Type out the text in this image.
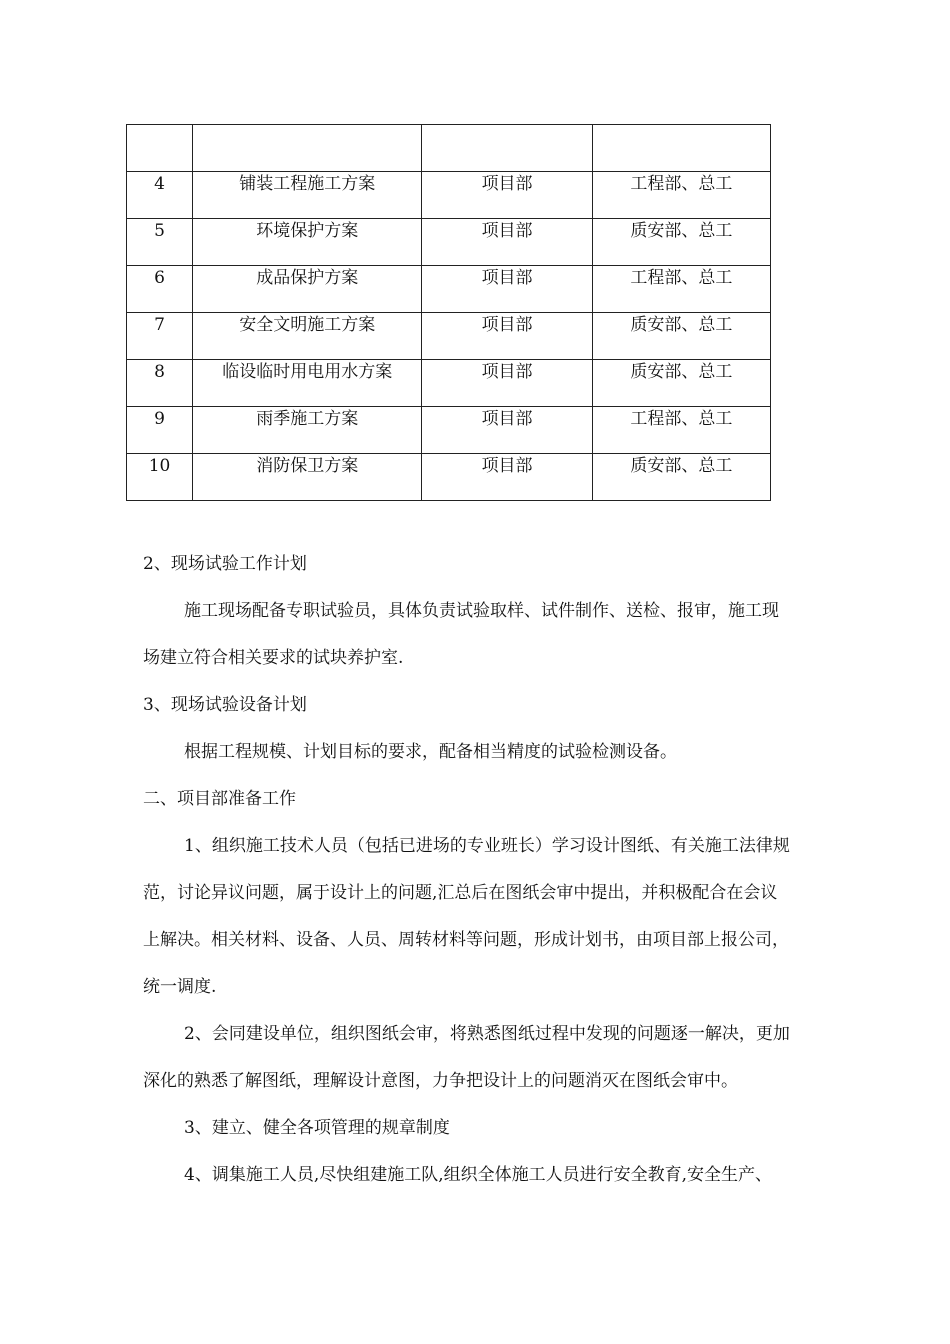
4	铺装工程施工方案	项目部	工程部、总工
5	环境保护方案	项目部	质安部、总工
6	成品保护方案	项目部	工程部、总工
7	安全文明施工方案	项目部	质安部、总工
8	临设临时用电用水方案	项目部	质安部、总工
9	雨季施工方案	项目部	工程部、总工
10	消防保卫方案	项目部	质安部、总工

2、现场试验工作计划

施工现场配备专职试验员，具体负责试验取样、试件制作、送检、报审，施工现

场建立符合相关要求的试块养护室.

3、现场试验设备计划

根据工程规模、计划目标的要求，配备相当精度的试验检测设备。

二、项目部准备工作

1、组织施工技术人员（包括已进场的专业班长）学习设计图纸、有关施工法律规

范，讨论异议问题，属于设计上的问题,汇总后在图纸会审中提出，并积极配合在会议

上解决。相关材料、设备、人员、周转材料等问题，形成计划书，由项目部上报公司，

统一调度.

2、会同建设单位，组织图纸会审，将熟悉图纸过程中发现的问题逐一解决，更加

深化的熟悉了解图纸，理解设计意图，力争把设计上的问题消灭在图纸会审中。

3、建立、健全各项管理的规章制度

4、调集施工人员,尽快组建施工队,组织全体施工人员进行安全教育,安全生产、
